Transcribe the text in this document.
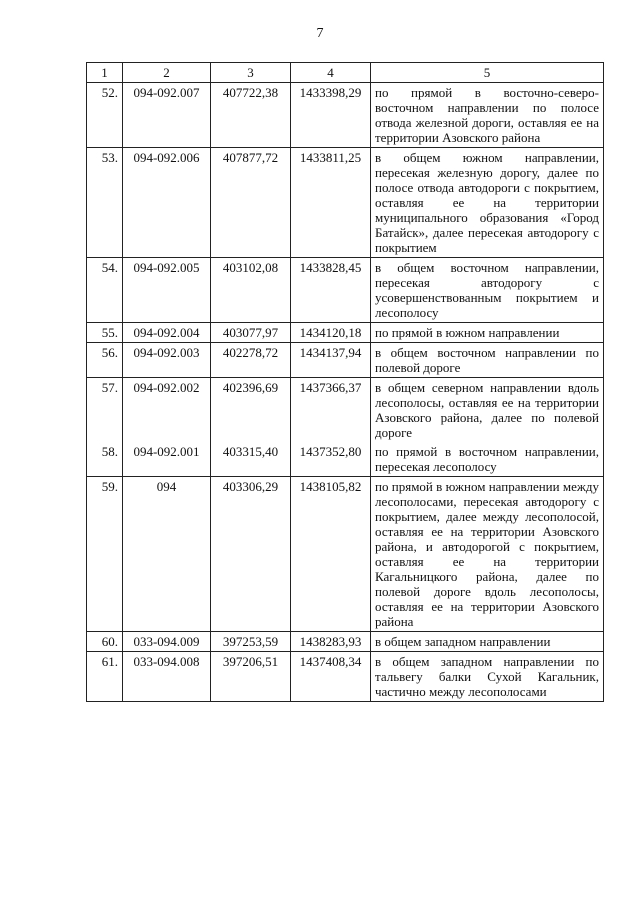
7
1	2	3	4	5
52.	094-092.007	407722,38	1433398,29	по прямой в восточно-северо-восточном направлении по полосе отвода железной дороги, оставляя ее на территории Азовского района
53.	094-092.006	407877,72	1433811,25	в общем южном направлении, пересекая железную дорогу, далее по полосе отвода автодороги с покрытием, оставляя ее на территории муниципального образования «Город Батайск», далее пересекая автодорогу с покрытием
54.	094-092.005	403102,08	1433828,45	в общем восточном направлении, пересекая автодорогу с усовершенствованным покрытием и лесополосу
55.	094-092.004	403077,97	1434120,18	по прямой в южном направлении
56.	094-092.003	402278,72	1434137,94	в общем восточном направлении по полевой дороге
57.	094-092.002	402396,69	1437366,37	в общем северном направлении вдоль лесополосы, оставляя ее на территории Азовского района, далее по полевой дороге
58.	094-092.001	403315,40	1437352,80	по прямой в восточном направлении, пересекая лесополосу
59.	094	403306,29	1438105,82	по прямой в южном направлении между лесополосами, пересекая автодорогу с покрытием, далее между лесополосой, оставляя ее на территории Азовского района, и автодорогой с покрытием, оставляя ее на территории Кагальницкого района, далее по полевой дороге вдоль лесополосы, оставляя ее на территории Азовского района
60.	033-094.009	397253,59	1438283,93	в общем западном направлении
61.	033-094.008	397206,51	1437408,34	в общем западном направлении по тальвегу балки Сухой Кагальник, частично между лесополосами
